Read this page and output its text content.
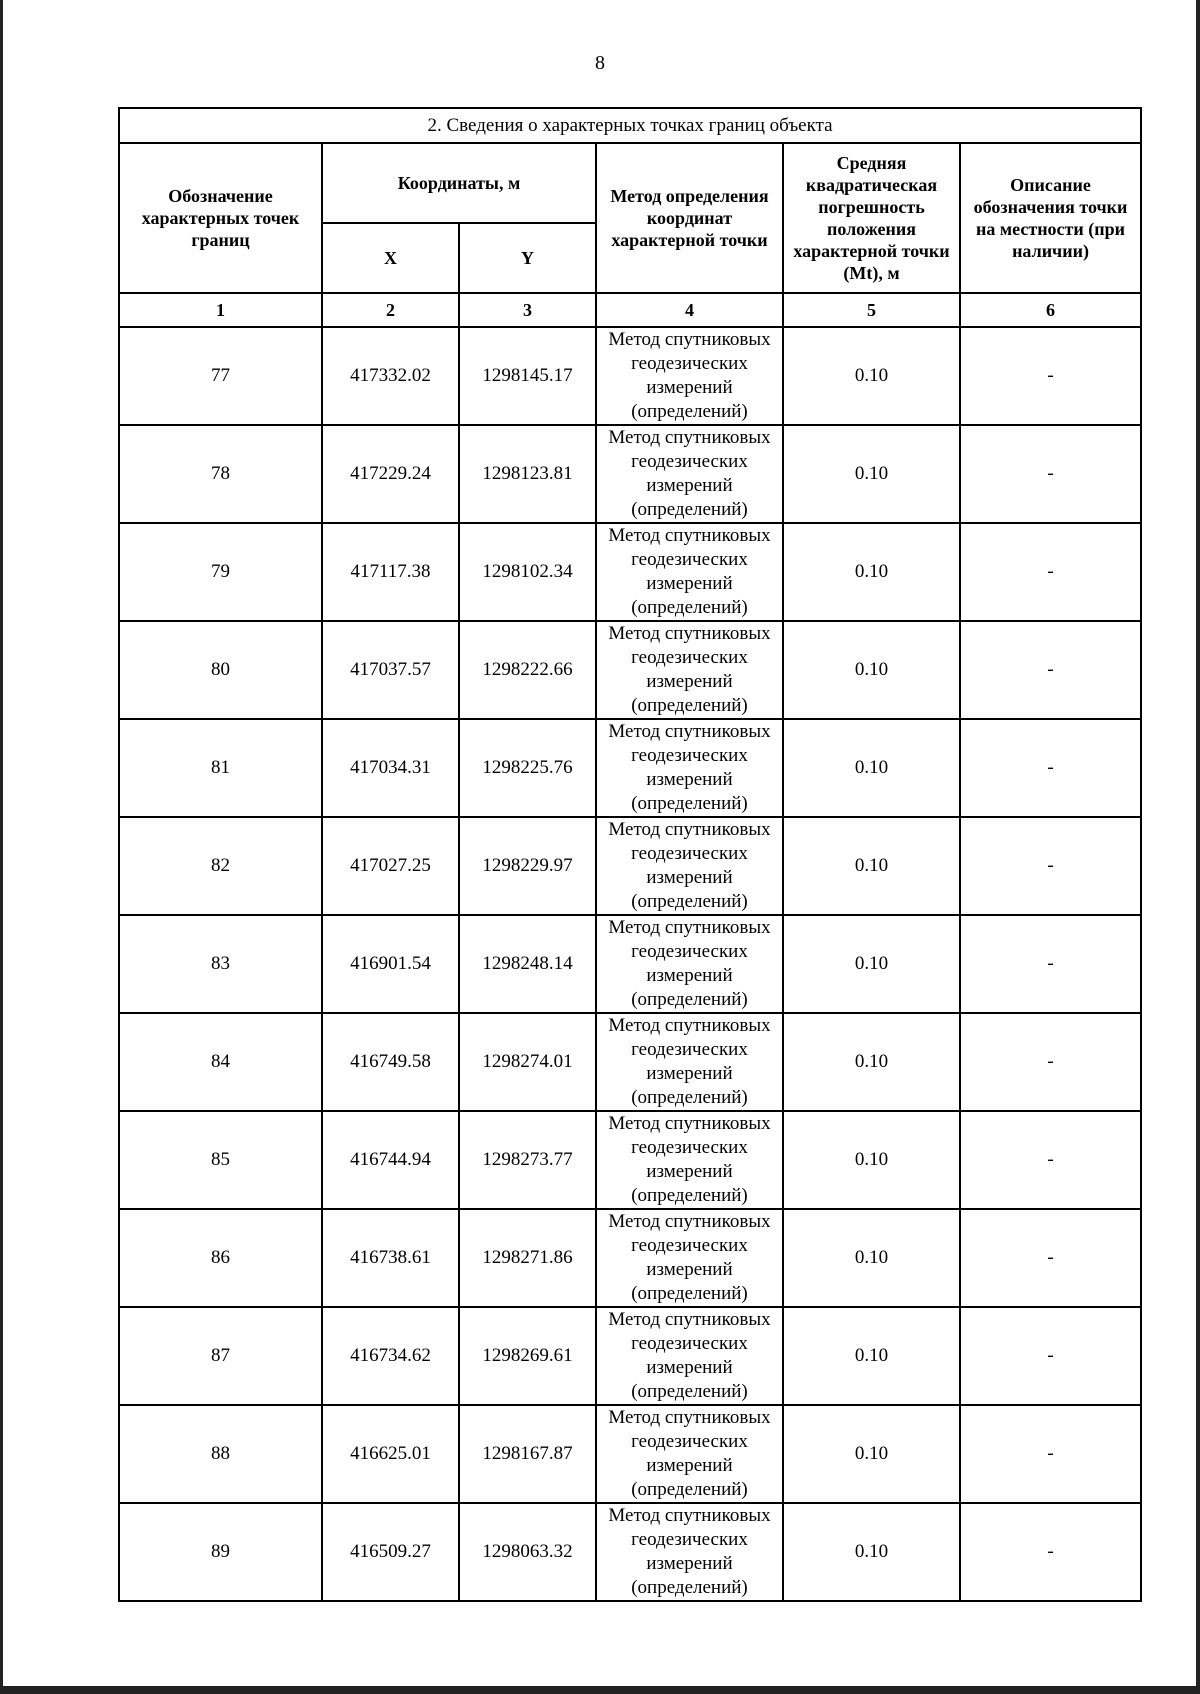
8
2. Сведения о характерных точках границ объекта					
Обозначение характерных точек границ	Координаты, м		Метод определения координат характерной точки	Средняя квадратическая погрешность положения характерной точки (Mt), м	Описание обозначения точки на местности (при наличии)
	X	Y			
1	2	3	4	5	6
77	417332.02	1298145.17	Метод спутниковых
геодезических
измерений
(определений)	0.10	-
78	417229.24	1298123.81	Метод спутниковых
геодезических
измерений
(определений)	0.10	-
79	417117.38	1298102.34	Метод спутниковых
геодезических
измерений
(определений)	0.10	-
80	417037.57	1298222.66	Метод спутниковых
геодезических
измерений
(определений)	0.10	-
81	417034.31	1298225.76	Метод спутниковых
геодезических
измерений
(определений)	0.10	-
82	417027.25	1298229.97	Метод спутниковых
геодезических
измерений
(определений)	0.10	-
83	416901.54	1298248.14	Метод спутниковых
геодезических
измерений
(определений)	0.10	-
84	416749.58	1298274.01	Метод спутниковых
геодезических
измерений
(определений)	0.10	-
85	416744.94	1298273.77	Метод спутниковых
геодезических
измерений
(определений)	0.10	-
86	416738.61	1298271.86	Метод спутниковых
геодезических
измерений
(определений)	0.10	-
87	416734.62	1298269.61	Метод спутниковых
геодезических
измерений
(определений)	0.10	-
88	416625.01	1298167.87	Метод спутниковых
геодезических
измерений
(определений)	0.10	-
89	416509.27	1298063.32	Метод спутниковых
геодезических
измерений
(определений)	0.10	-
